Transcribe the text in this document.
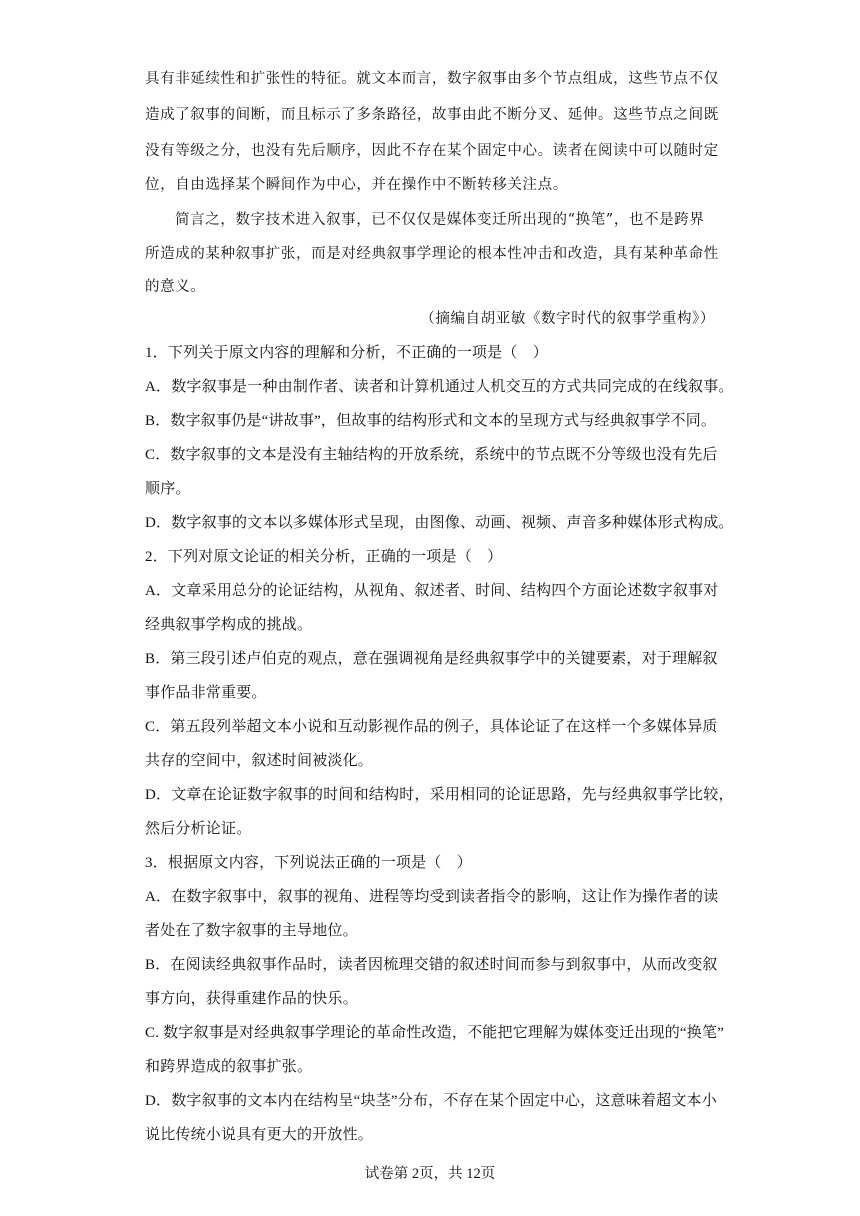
具有非延续性和扩张性的特征。就文本而言，数字叙事由多个节点组成，这些节点不仅
造成了叙事的间断，而且标示了多条路径，故事由此不断分叉、延伸。这些节点之间既
没有等级之分，也没有先后顺序，因此不存在某个固定中心。读者在阅读中可以随时定
位，自由选择某个瞬间作为中心，并在操作中不断转移关注点。
简言之，数字技术进入叙事，已不仅仅是媒体变迁所出现的“换笔”，也不是跨界
所造成的某种叙事扩张，而是对经典叙事学理论的根本性冲击和改造，具有某种革命性
的意义。
（摘编自胡亚敏《数字时代的叙事学重构》）
1．下列关于原文内容的理解和分析，不正确的一项是（　）
A．数字叙事是一种由制作者、读者和计算机通过人机交互的方式共同完成的在线叙事。
B．数字叙事仍是“讲故事”，但故事的结构形式和文本的呈现方式与经典叙事学不同。
C．数字叙事的文本是没有主轴结构的开放系统，系统中的节点既不分等级也没有先后
顺序。
D．数字叙事的文本以多媒体形式呈现，由图像、动画、视频、声音多种媒体形式构成。
2．下列对原文论证的相关分析，正确的一项是（　）
A．文章采用总分的论证结构，从视角、叙述者、时间、结构四个方面论述数字叙事对
经典叙事学构成的挑战。
B．第三段引述卢伯克的观点，意在强调视角是经典叙事学中的关键要素，对于理解叙
事作品非常重要。
C．第五段列举超文本小说和互动影视作品的例子，具体论证了在这样一个多媒体异质
共存的空间中，叙述时间被淡化。
D．文章在论证数字叙事的时间和结构时，采用相同的论证思路，先与经典叙事学比较，
然后分析论证。
3．根据原文内容，下列说法正确的一项是（　）
A．在数字叙事中，叙事的视角、进程等均受到读者指令的影响，这让作为操作者的读
者处在了数字叙事的主导地位。
B．在阅读经典叙事作品时，读者因梳理交错的叙述时间而参与到叙事中，从而改变叙
事方向，获得重建作品的快乐。
C. 数字叙事是对经典叙事学理论的革命性改造，不能把它理解为媒体变迁出现的“换笔”
和跨界造成的叙事扩张。
D．数字叙事的文本内在结构呈“块茎”分布，不存在某个固定中心，这意味着超文本小
说比传统小说具有更大的开放性。
试卷第 2页，共 12页
